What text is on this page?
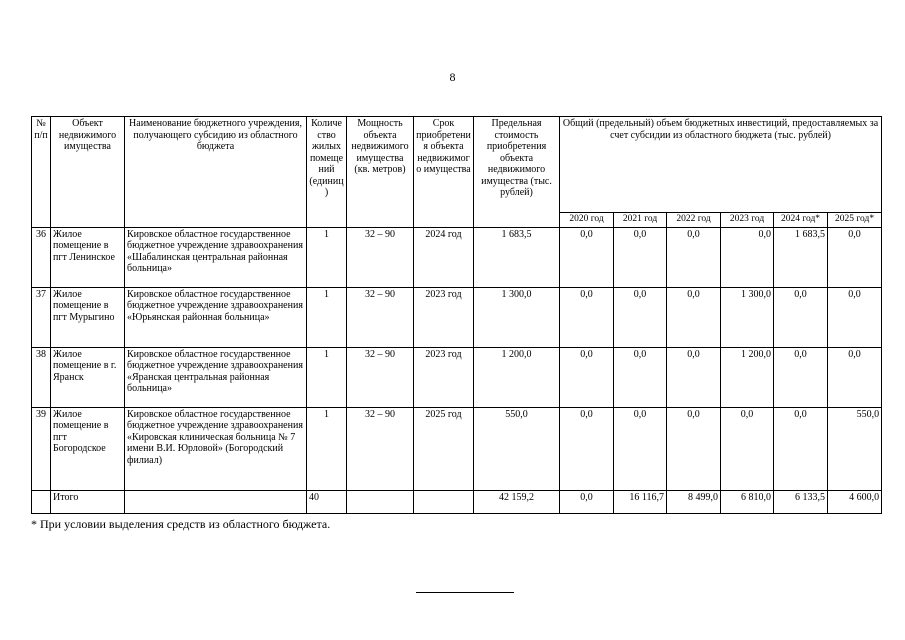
8
№ п/п	Объект недвижимого имущества	Наименование бюджетного учреждения, получающего субсидию из областного бюджета	Количество жилых помещений (единиц)	Мощность объекта недвижимого имущества (кв. метров)	Срок приобретения объекта недвижимого имущества	Предельная стоимость приобретения объекта недвижимого имущества (тыс. рублей)	Общий (предельный) объем бюджетных инвестиций, предоставляемых за счет субсидии из областного бюджета (тыс. рублей)					
							2020 год	2021 год	2022 год	2023 год	2024 год*	2025 год*
36	Жилое помещение в пгт Ленинское	Кировское областное государственное бюджетное учреждение здравоохранения «Шабалинская центральная районная больница»	1	32 – 90	2024 год	1 683,5	0,0	0,0	0,0	0,0	1 683,5	0,0
37	Жилое помещение в пгт Мурыгино	Кировское областное государственное бюджетное учреждение здравоохранения «Юрьянская районная больница»	1	32 – 90	2023 год	1 300,0	0,0	0,0	0,0	1 300,0	0,0	0,0
38	Жилое помещение в г. Яранск	Кировское областное государственное бюджетное учреждение здравоохранения «Яранская центральная районная больница»	1	32 – 90	2023 год	1 200,0	0,0	0,0	0,0	1 200,0	0,0	0,0
39	Жилое помещение в пгт Богородское	Кировское областное государственное бюджетное учреждение здравоохранения «Кировская клиническая больница № 7 имени В.И. Юрловой» (Богородский филиал)	1	32 – 90	2025 год	550,0	0,0	0,0	0,0	0,0	0,0	550,0
	Итого		40			42 159,2	0,0	16 116,7	8 499,0	6 810,0	6 133,5	4 600,0
* При условии выделения средств из областного бюджета.
